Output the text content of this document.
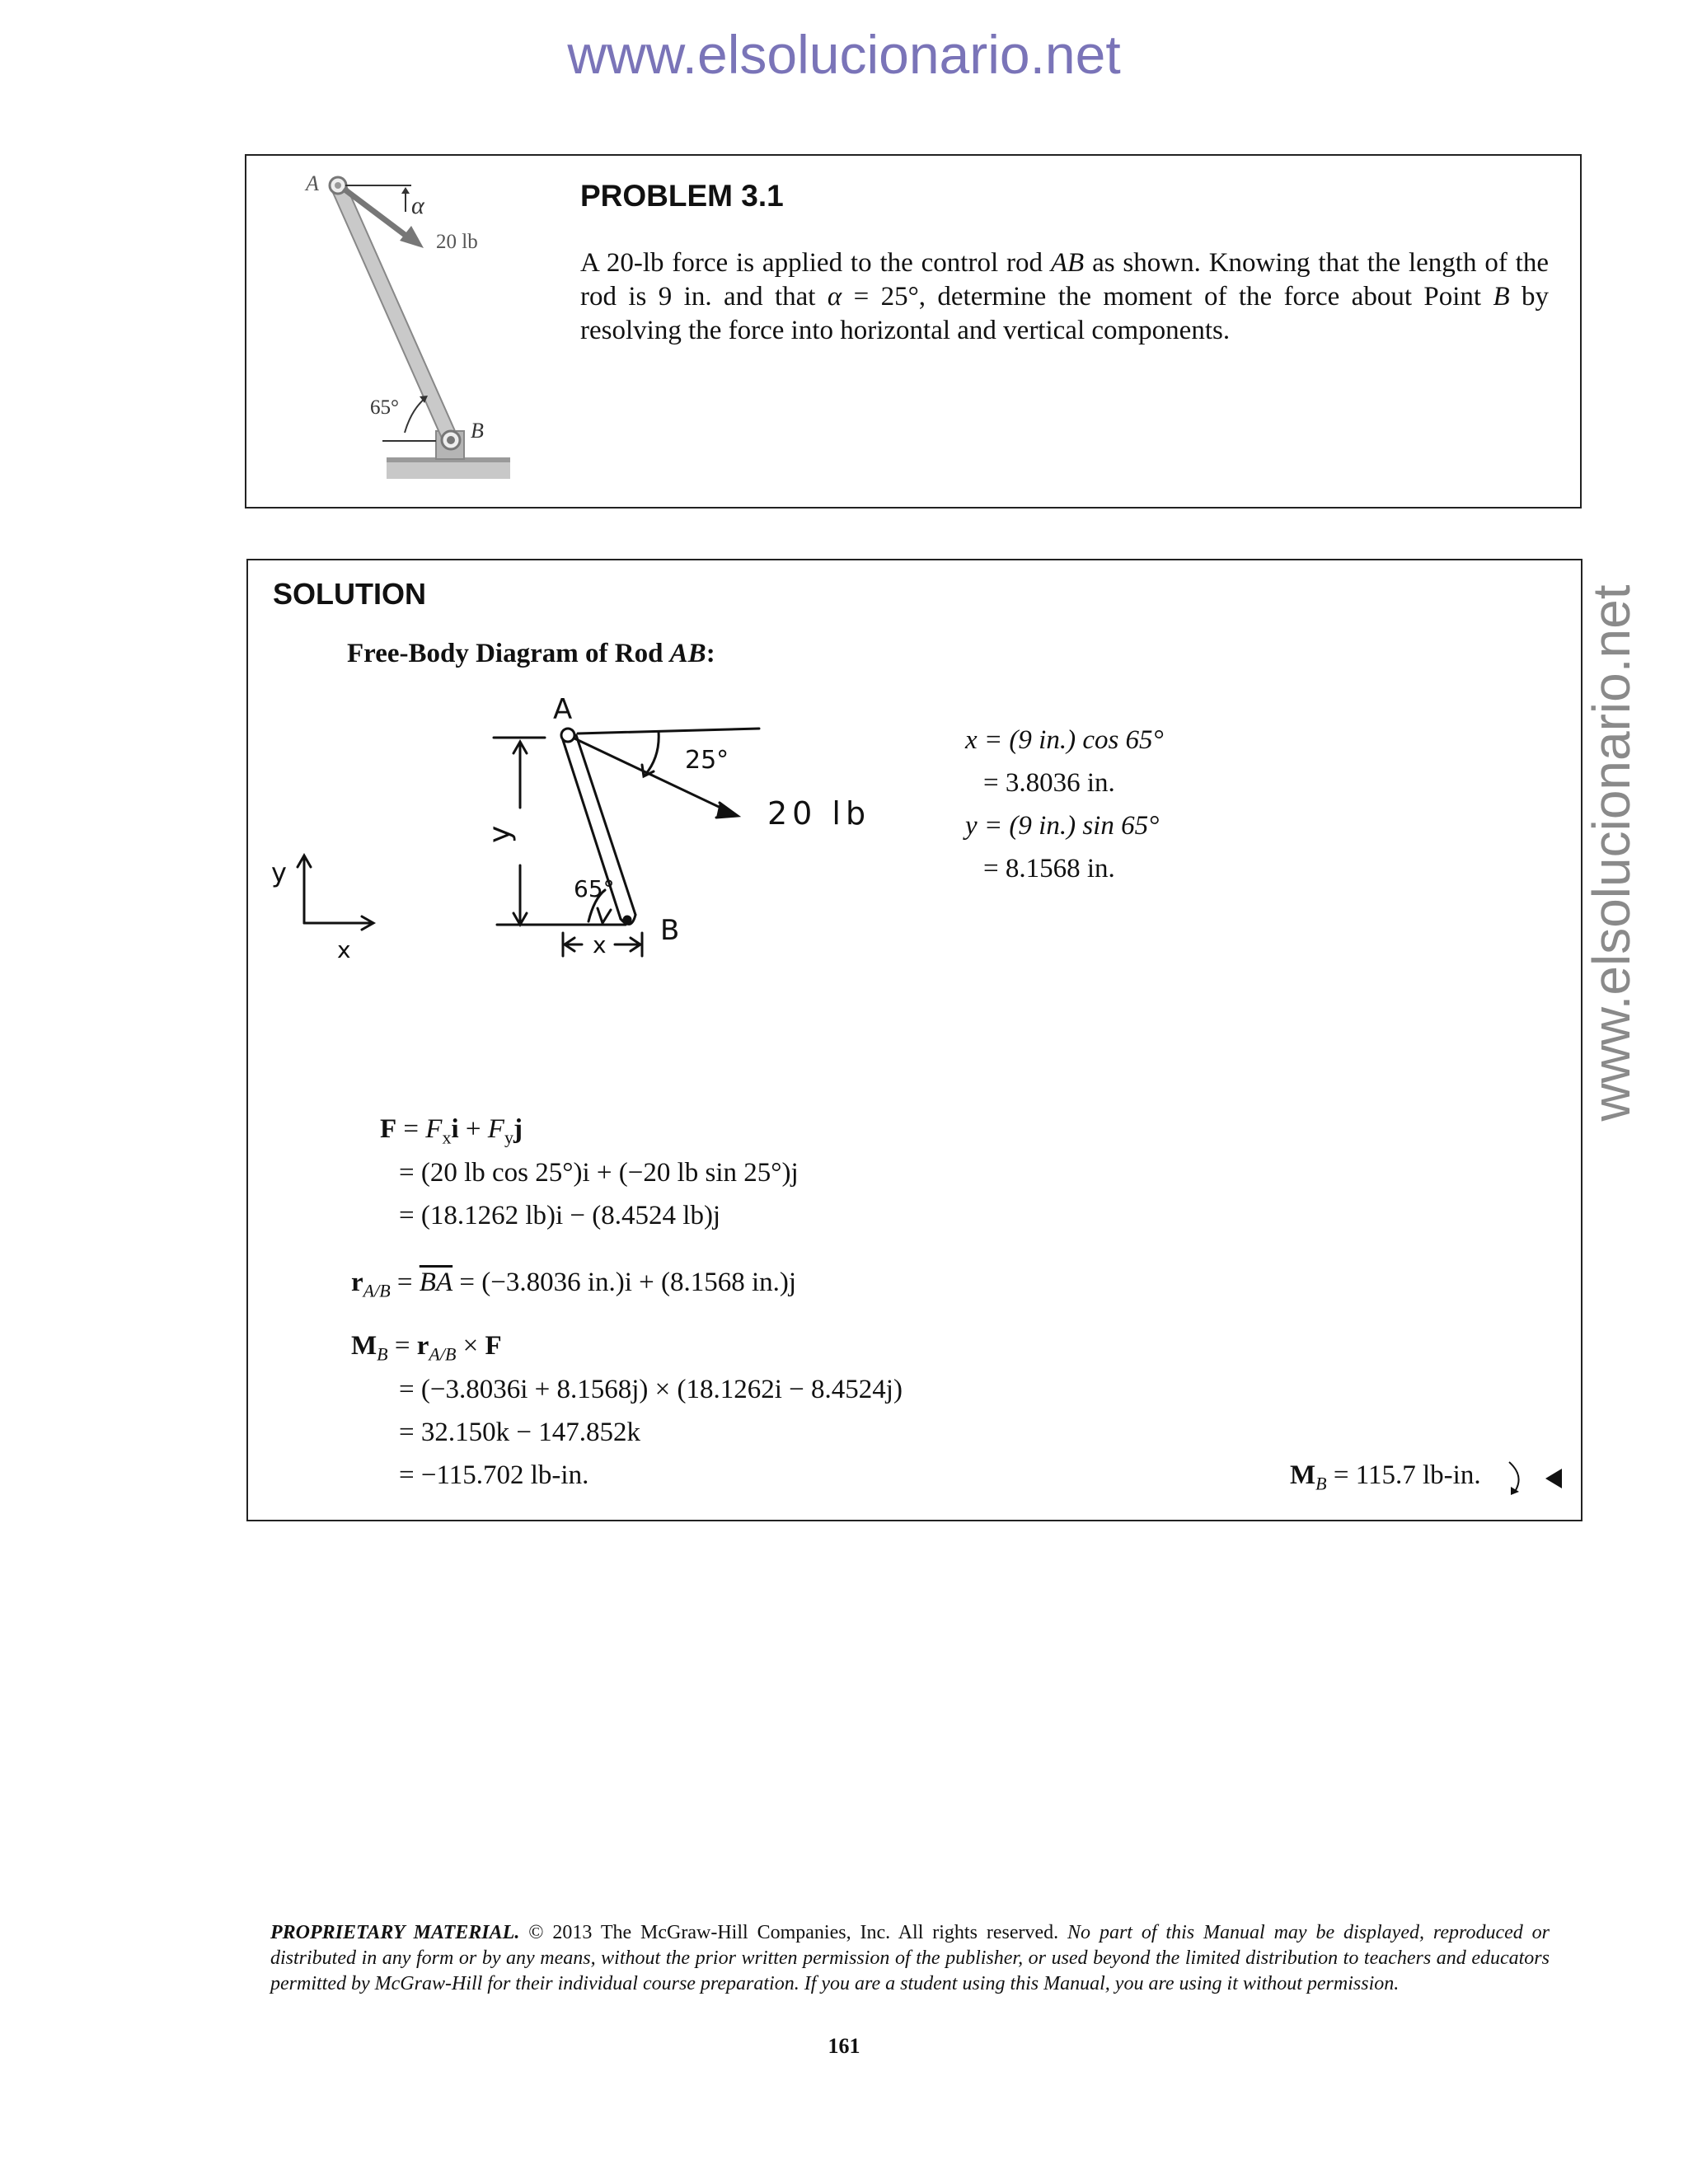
www.elsolucionario.net
www.elsolucionario.net
A
α
20 lb
65°
B
PROBLEM 3.1
A 20-lb force is applied to the control rod AB as shown. Knowing that the length of the rod is 9 in. and that α = 25°, determine the moment of the force about Point B by resolving the force into horizontal and vertical components.
SOLUTION
Free-Body Diagram of Rod AB:
A
25°
20 lb
y
65°
B
x
y
x
x = (9 in.) cos 65°
= 3.8036 in.
y = (9 in.) sin 65°
= 8.1568 in.
$F = F_xi + F_yj$
= (20 lb cos 25°)i + (−20 lb sin 25°)j
= (18.1262 lb)i − (8.4524 lb)j
$r_{A/B} = \overline{BA} = (-3.8036$ in.)i + (8.1568 in.)j
$M_B = r_{A/B} \times F$
= (−3.8036i + 8.1568j) × (18.1262i − 8.4524j)
= 32.150k − 147.852k
= −115.702 lb-in.	$M_B = 115.7$ lb-in.
PROPRIETARY MATERIAL. © 2013 The McGraw-Hill Companies, Inc. All rights reserved. No part of this Manual may be displayed, reproduced or distributed in any form or by any means, without the prior written permission of the publisher, or used beyond the limited distribution to teachers and educators permitted by McGraw-Hill for their individual course preparation. If you are a student using this Manual, you are using it without permission.
161
